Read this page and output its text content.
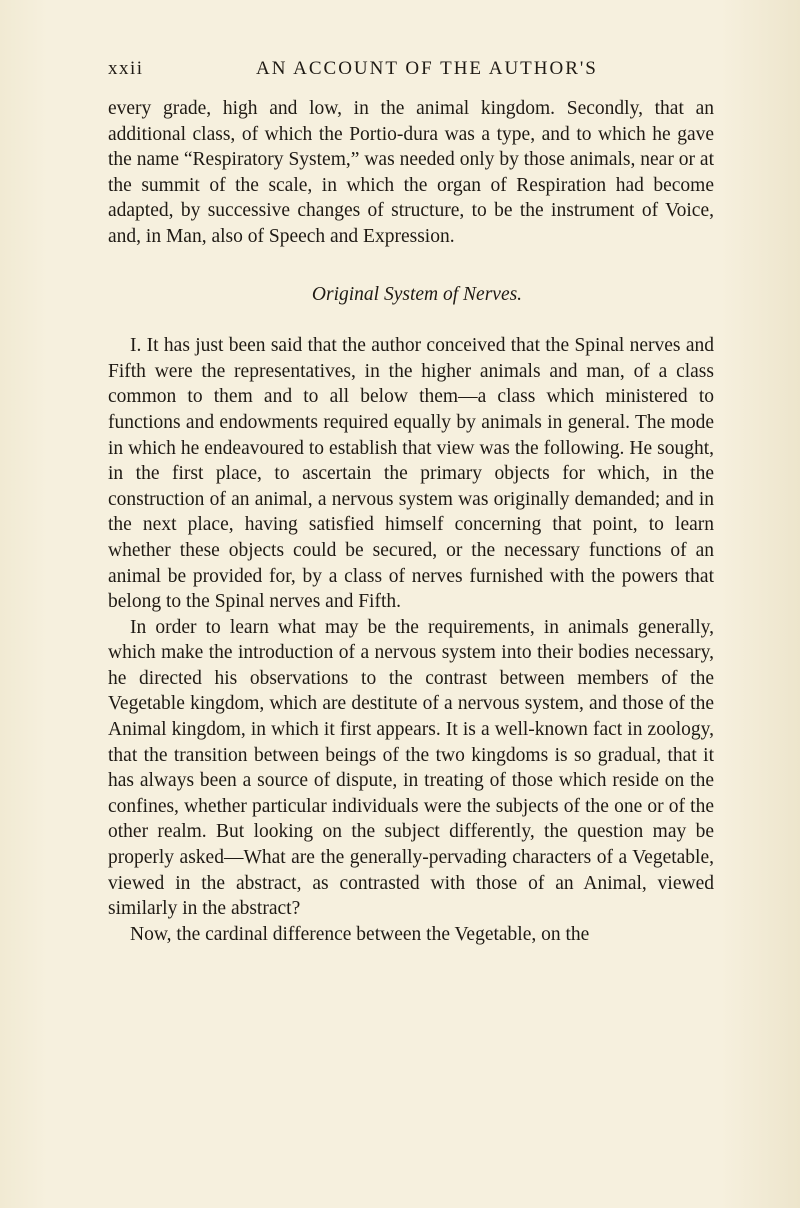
xxii	AN ACCOUNT OF THE AUTHOR'S

every grade, high and low, in the animal kingdom. Secondly, that an additional class, of which the Portio-dura was a type, and to which he gave the name “Respiratory System,” was needed only by those animals, near or at the summit of the scale, in which the organ of Respiration had become adapted, by successive changes of structure, to be the instrument of Voice, and, in Man, also of Speech and Expression.

Original System of Nerves.

I. It has just been said that the author conceived that the Spinal nerves and Fifth were the representatives, in the higher animals and man, of a class common to them and to all below them—a class which ministered to functions and endowments required equally by animals in general. The mode in which he endeavoured to establish that view was the following. He sought, in the first place, to ascertain the primary objects for which, in the construction of an animal, a nervous system was originally demanded; and in the next place, having satisfied himself concerning that point, to learn whether these objects could be secured, or the necessary functions of an animal be provided for, by a class of nerves furnished with the powers that belong to the Spinal nerves and Fifth.

In order to learn what may be the requirements, in animals generally, which make the introduction of a nervous system into their bodies necessary, he directed his observations to the contrast between members of the Vegetable kingdom, which are destitute of a nervous system, and those of the Animal kingdom, in which it first appears. It is a well-known fact in zoology, that the transition between beings of the two kingdoms is so gradual, that it has always been a source of dispute, in treating of those which reside on the confines, whether particular individuals were the subjects of the one or of the other realm. But looking on the subject differently, the question may be properly asked—What are the generally-pervading characters of a Vegetable, viewed in the abstract, as contrasted with those of an Animal, viewed similarly in the abstract?

Now, the cardinal difference between the Vegetable, on the
